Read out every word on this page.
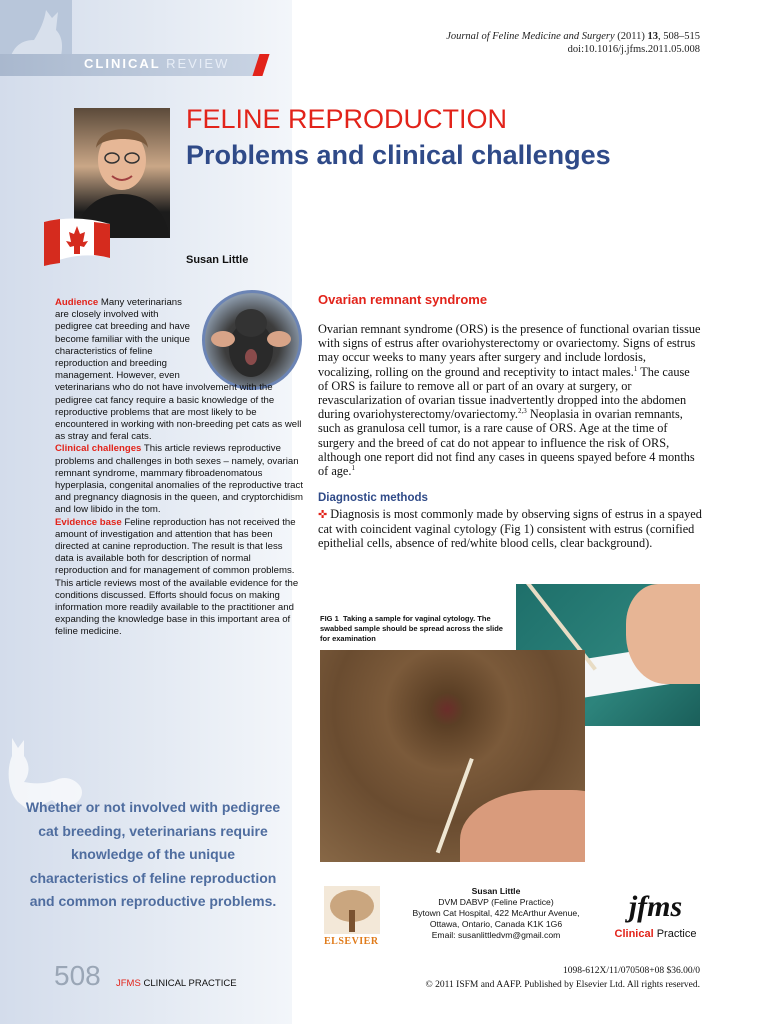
CLINICAL REVIEW
Journal of Feline Medicine and Surgery (2011) 13, 508–515
doi:10.1016/j.jfms.2011.05.008
FELINE REPRODUCTION
Problems and clinical challenges
Susan Little
Audience Many veterinarians are closely involved with pedigree cat breeding and have become familiar with the unique characteristics of feline reproduction and breeding management. However, even
veterinarians who do not have involvement with the pedigree cat fancy require a basic knowledge of the reproductive problems that are most likely to be encountered in working with non-breeding pet cats as well as stray and feral cats.
Clinical challenges This article reviews reproductive problems and challenges in both sexes – namely, ovarian remnant syndrome, mammary fibroadenomatous hyperplasia, congenital anomalies of the reproductive tract and pregnancy diagnosis in the queen, and cryptorchidism and low libido in the tom.
Evidence base Feline reproduction has not received the amount of investigation and attention that has been directed at canine reproduction. The result is that less data is available both for description of normal reproduction and for management of common problems. This article reviews most of the available evidence for the conditions discussed. Efforts should focus on making information more readily available to the practitioner and expanding the knowledge base in this important area of feline medicine.
Whether or not involved with pedigree cat breeding, veterinarians require knowledge of the unique characteristics of feline reproduction and common reproductive problems.
Ovarian remnant syndrome
Ovarian remnant syndrome (ORS) is the presence of functional ovarian tissue with signs of estrus after ovariohysterectomy or ovariectomy. Signs of estrus may occur weeks to many years after surgery and include lordosis, vocalizing, rolling on the ground and receptivity to intact males.$^1$ The cause of ORS is failure to remove all or part of an ovary at surgery, or revascularization of ovarian tissue inadvertently dropped into the abdomen during ovariohysterectomy/ovariectomy.$^{2,3}$ Neoplasia in ovarian remnants, such as granulosa cell tumor, is a rare cause of ORS. Age at the time of surgery and the breed of cat do not appear to influence the risk of ORS, although one report did not find any cases in queens spayed before 4 months of age.$^1$
Diagnostic methods
✜ Diagnosis is most commonly made by observing signs of estrus in a spayed cat with coincident vaginal cytology (Fig 1) consistent with estrus (cornified epithelial cells, absence of red/white blood cells, clear background).
FIG 1 Taking a sample for vaginal cytology. The swabbed sample should be spread across the slide for examination
ELSEVIER
Susan Little
DVM DABVP (Feline Practice)
Bytown Cat Hospital, 422 McArthur Avenue,
Ottawa, Ontario, Canada K1K 1G6
Email: susanlittledvm@gmail.com
jfms
Clinical Practice
508 JFMS CLINICAL PRACTICE
1098-612X/11/070508+08 $36.00/0
© 2011 ISFM and AAFP. Published by Elsevier Ltd. All rights reserved.
